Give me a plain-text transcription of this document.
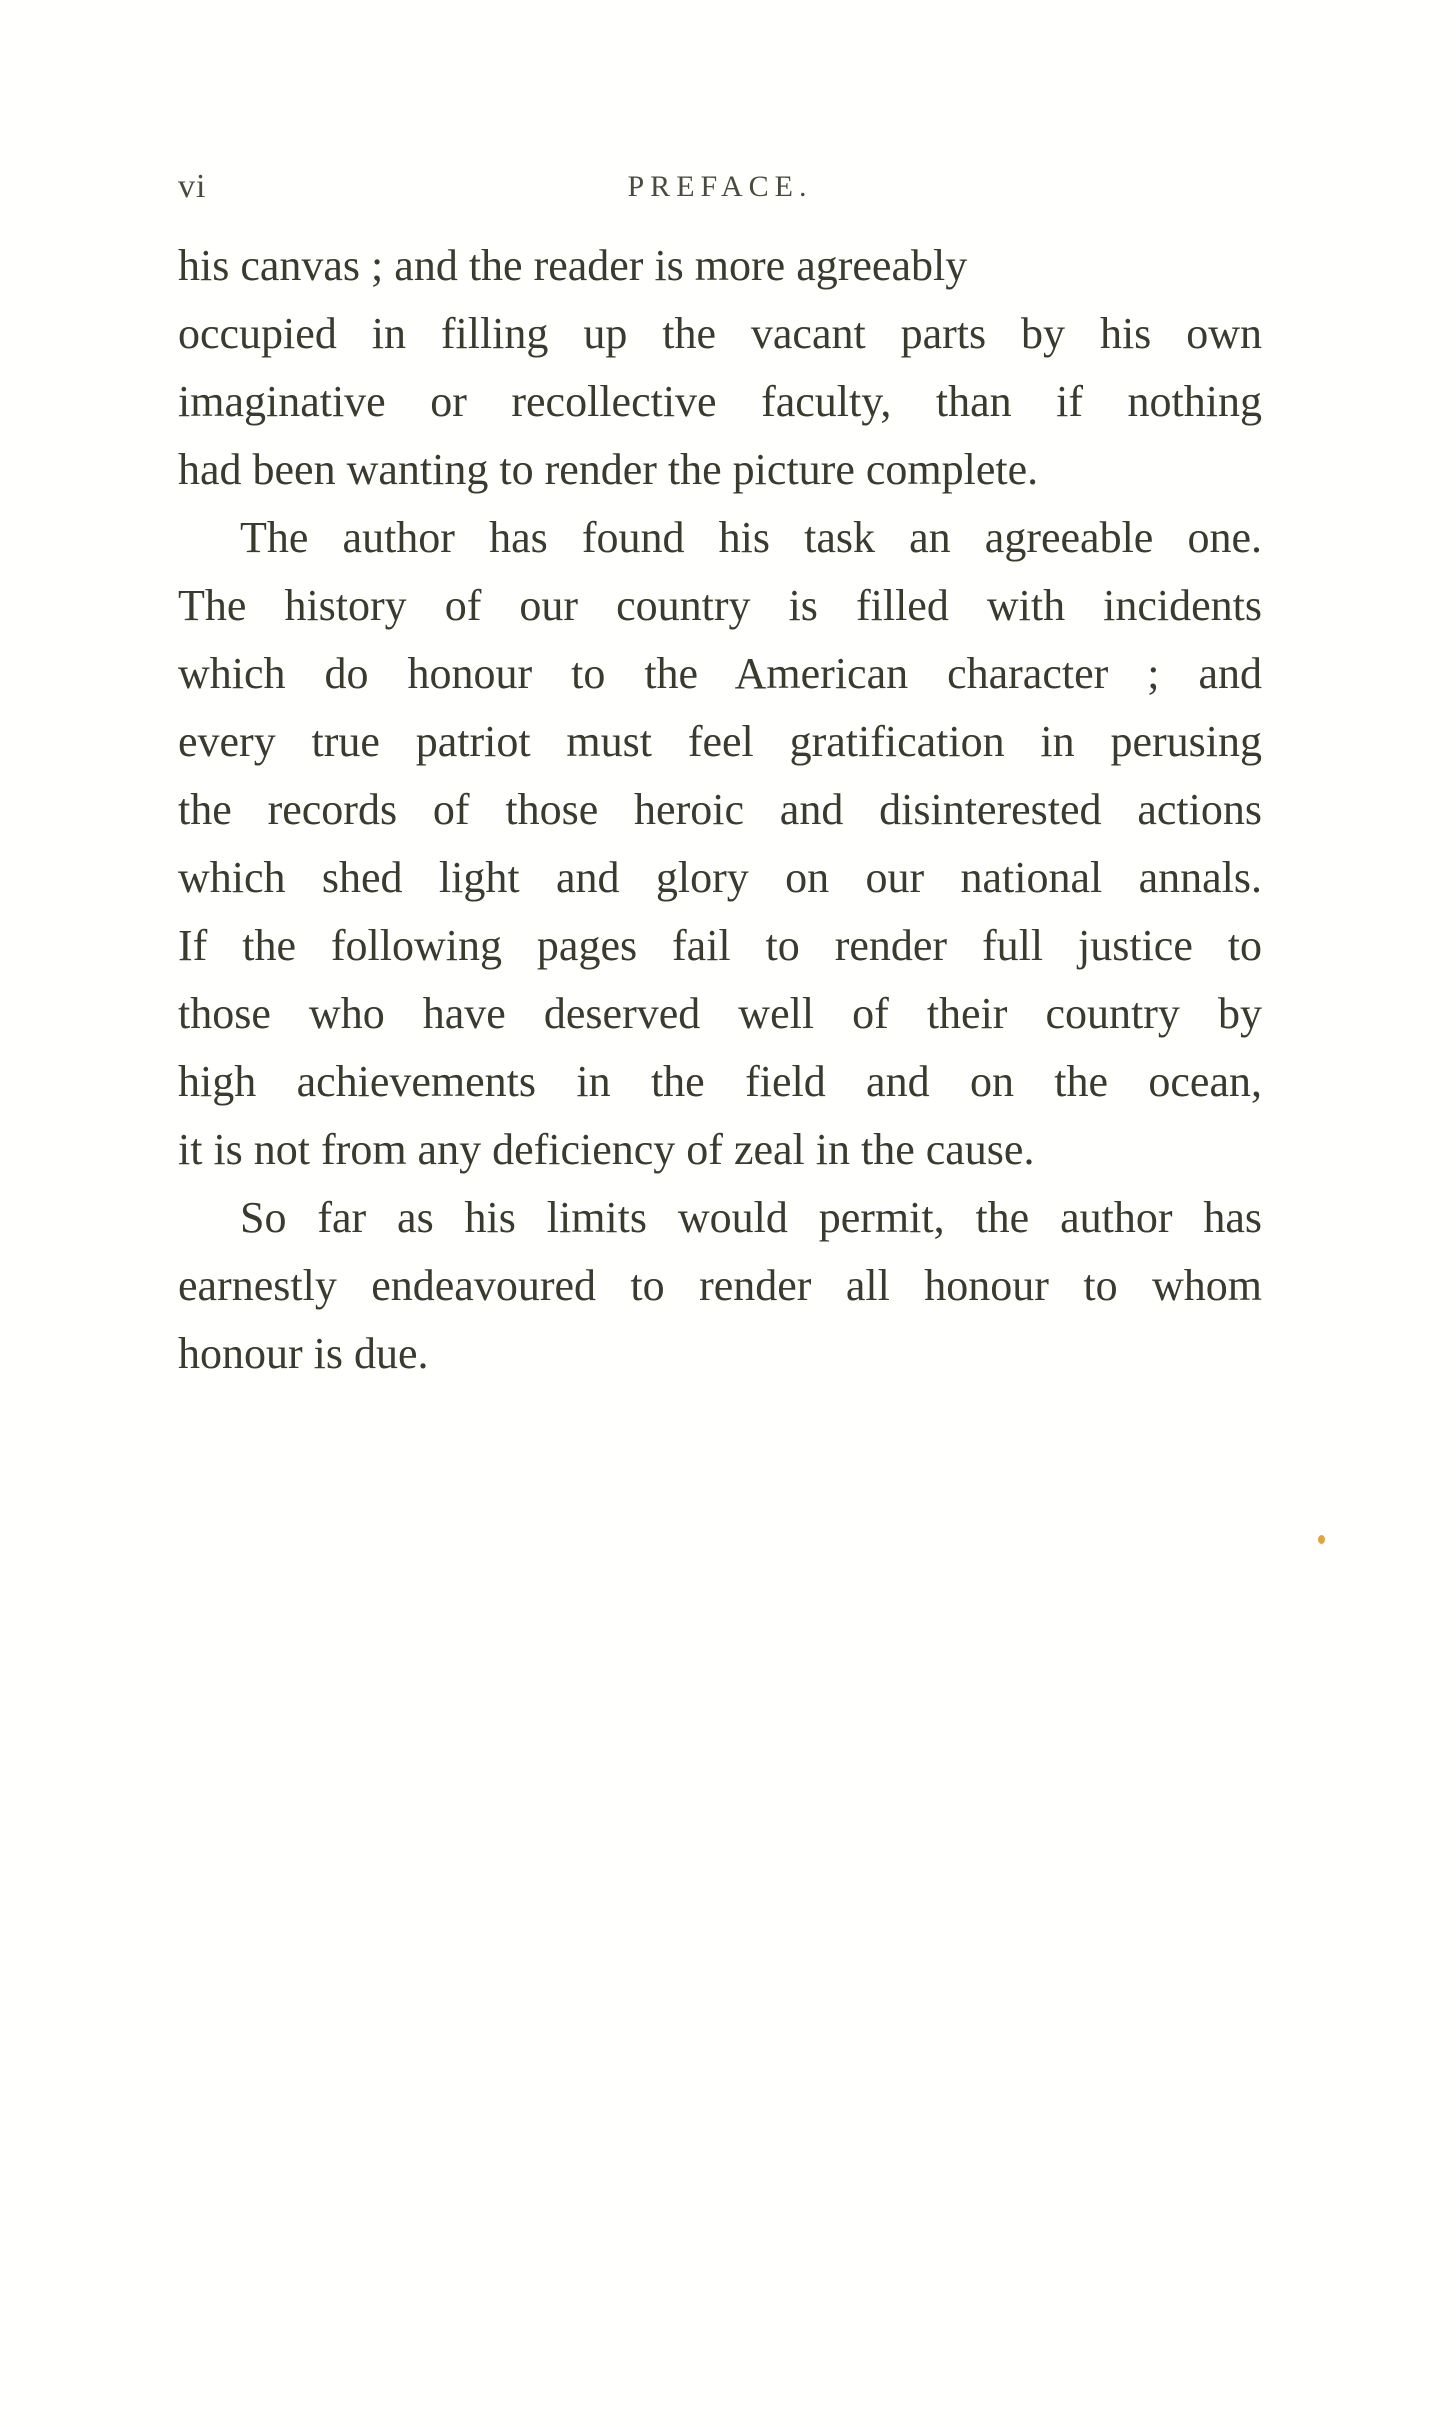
vi	PREFACE.
his canvas ; and the reader is more agreeably
occupied in filling up the vacant parts by his own
imaginative or recollective faculty, than if nothing
had been wanting to render the picture complete.
The author has found his task an agreeable one.
The history of our country is filled with incidents
which do honour to the American character ; and
every true patriot must feel gratification in perusing
the records of those heroic and disinterested actions
which shed light and glory on our national annals.
If the following pages fail to render full justice to
those who have deserved well of their country by
high achievements in the field and on the ocean,
it is not from any deficiency of zeal in the cause.
So far as his limits would permit, the author has
earnestly endeavoured to render all honour to whom
honour is due.
